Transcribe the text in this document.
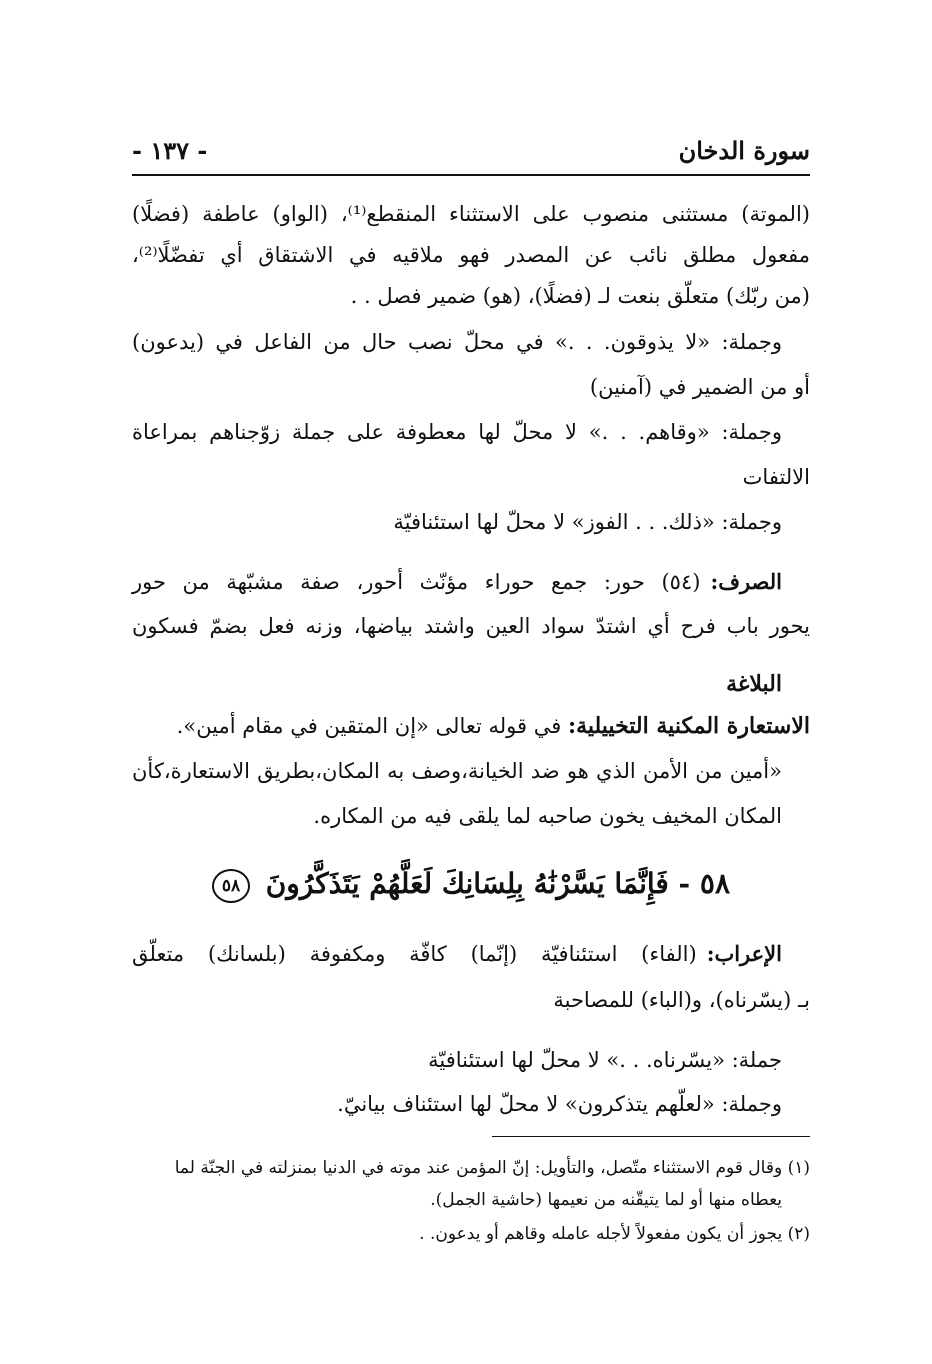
سورة الدخان
- ١٣٧ -
(الموتة) مستثنى منصوب على الاستثناء المنقطع⁽¹⁾، (الواو) عاطفة (فضلًا)
مفعول مطلق نائب عن المصدر فهو ملاقيه في الاشتقاق أي تفضّلًا⁽²⁾،
(من ربّك) متعلّق بنعت لـ (فضلًا)، (هو) ضمير فصل . .
وجملة: «لا يذوقون. . .» في محلّ نصب حال من الفاعل في (يدعون)
أو من الضمير في (آمنين)
وجملة: «وقاهم. . .» لا محلّ لها معطوفة على جملة زوّجناهم بمراعاة
الالتفات
وجملة: «ذلك. . . الفوز» لا محلّ لها استئنافيّة
الصرف:
(٥٤) حور: جمع حوراء مؤنّث أحور، صفة مشبّهة من حور
يحور باب فرح أي اشتدّ سواد العين واشتد بياضها، وزنه فعل بضمّ فسكون
البلاغة
الاستعارة المكنية التخييلية: في قوله تعالى «إن المتقين في مقام أمين».
«أمين من الأمن الذي هو ضد الخيانة،وصف به المكان،بطريق الاستعارة،كأن
المكان المخيف يخون صاحبه لما يلقى فيه من المكاره.
٥٨ - فَإِنَّمَا يَسَّرْنَٰهُ بِلِسَانِكَ لَعَلَّهُمْ يَتَذَكَّرُونَ ٥٨
الإعراب:
(الفاء) استئنافيّة (إنّما) كافّة ومكفوفة (بلسانك) متعلّق
بـ (يسّرناه)، و(الباء) للمصاحبة
جملة: «يسّرناه. . .» لا محلّ لها استئنافيّة
وجملة: «لعلّهم يتذكرون» لا محلّ لها استئناف بيانيّ.
(١) وقال قوم الاستثناء متّصل، والتأويل: إنّ المؤمن عند موته في الدنيا بمنزلته في الجنّة لما
يعطاه منها أو لما يتيقّنه من نعيمها (حاشية الجمل).
(٢) يجوز أن يكون مفعولاً لأجله عامله وقاهم أو يدعون. .
